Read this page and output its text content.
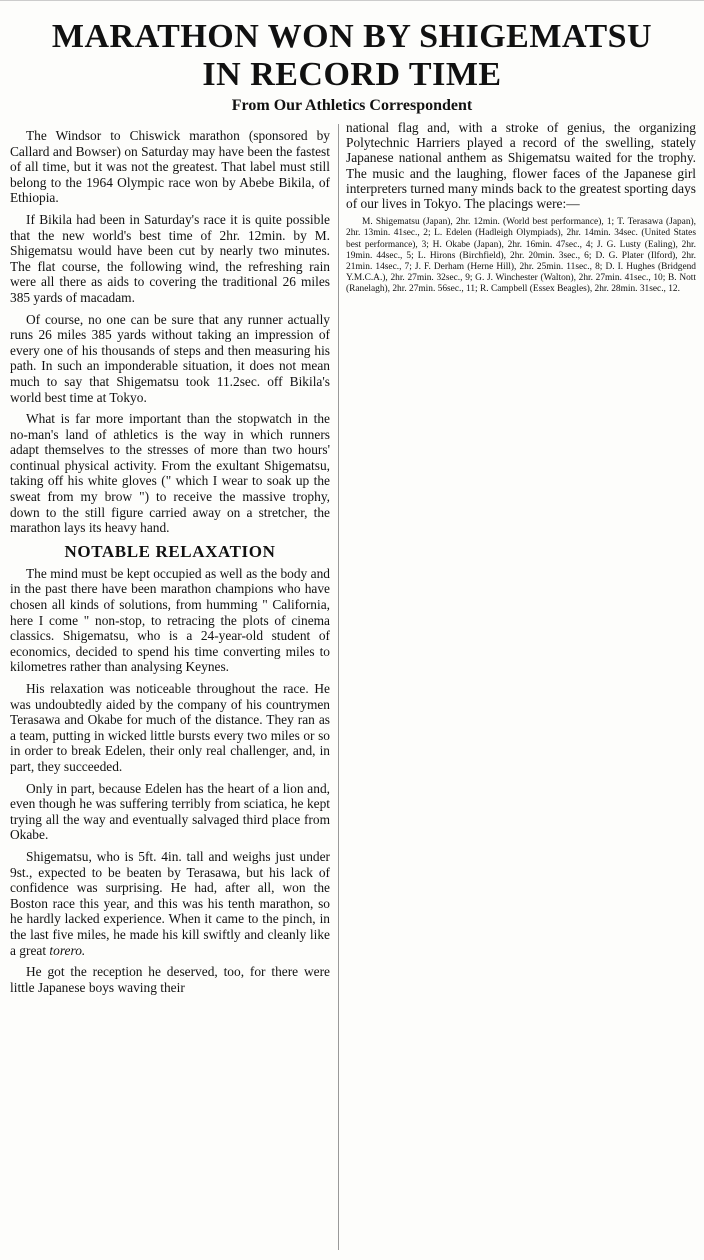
MARATHON WON BY SHIGEMATSU
IN RECORD TIME
From Our Athletics Correspondent

The Windsor to Chiswick marathon (sponsored by Callard and Bowser) on Saturday may have been the fastest of all time, but it was not the greatest. That label must still belong to the 1964 Olympic race won by Abebe Bikila, of Ethiopia.

If Bikila had been in Saturday's race it is quite possible that the new world's best time of 2hr. 12min. by M. Shigematsu would have been cut by nearly two minutes. The flat course, the following wind, the refreshing rain were all there as aids to covering the traditional 26 miles 385 yards of macadam.

Of course, no one can be sure that any runner actually runs 26 miles 385 yards without taking an impression of every one of his thousands of steps and then measuring his path. In such an imponderable situation, it does not mean much to say that Shigematsu took 11.2sec. off Bikila's world best time at Tokyo.

What is far more important than the stopwatch in the no-man's land of athletics is the way in which runners adapt themselves to the stresses of more than two hours' continual physical activity. From the exultant Shigematsu, taking off his white gloves (" which I wear to soak up the sweat from my brow ") to receive the massive trophy, down to the still figure carried away on a stretcher, the marathon lays its heavy hand.

NOTABLE RELAXATION

The mind must be kept occupied as well as the body and in the past there have been marathon champions who have chosen all kinds of solutions, from humming " California, here I come " non-stop, to retracing the plots of cinema classics. Shigematsu, who is a 24-year-old student of economics, decided to spend his time converting miles to kilometres rather than analysing Keynes.

His relaxation was noticeable throughout the race. He was undoubtedly aided by the company of his countrymen Terasawa and Okabe for much of the distance. They ran as a team, putting in wicked little bursts every two miles or so in order to break Edelen, their only real challenger, and, in part, they succeeded.

Only in part, because Edelen has the heart of a lion and, even though he was suffering terribly from sciatica, he kept trying all the way and eventually salvaged third place from Okabe.

Shigematsu, who is 5ft. 4in. tall and weighs just under 9st., expected to be beaten by Terasawa, but his lack of confidence was surprising. He had, after all, won the Boston race this year, and this was his tenth marathon, so he hardly lacked experience. When it came to the pinch, in the last five miles, he made his kill swiftly and cleanly like a great torero.

He got the reception he deserved, too, for there were little Japanese boys waving their

national flag and, with a stroke of genius, the organizing Polytechnic Harriers played a record of the swelling, stately Japanese national anthem as Shigematsu waited for the trophy. The music and the laughing, flower faces of the Japanese girl interpreters turned many minds back to the greatest sporting days of our lives in Tokyo. The placings were:—

M. Shigematsu (Japan), 2hr. 12min. (World best performance), 1; T. Terasawa (Japan), 2hr. 13min. 41sec., 2; L. Edelen (Hadleigh Olympiads), 2hr. 14min. 34sec. (United States best performance), 3; H. Okabe (Japan), 2hr. 16min. 47sec., 4; J. G. Lusty (Ealing), 2hr. 19min. 44sec., 5; L. Hirons (Birchfield), 2hr. 20min. 3sec., 6; D. G. Plater (Ilford), 2hr. 21min. 14sec., 7; J. F. Derham (Herne Hill), 2hr. 25min. 11sec., 8; D. I. Hughes (Bridgend Y.M.C.A.), 2hr. 27min. 32sec., 9; G. J. Winchester (Walton), 2hr. 27min. 41sec., 10; B. Nott (Ranelagh), 2hr. 27min. 56sec., 11; R. Campbell (Essex Beagles), 2hr. 28min. 31sec., 12.
